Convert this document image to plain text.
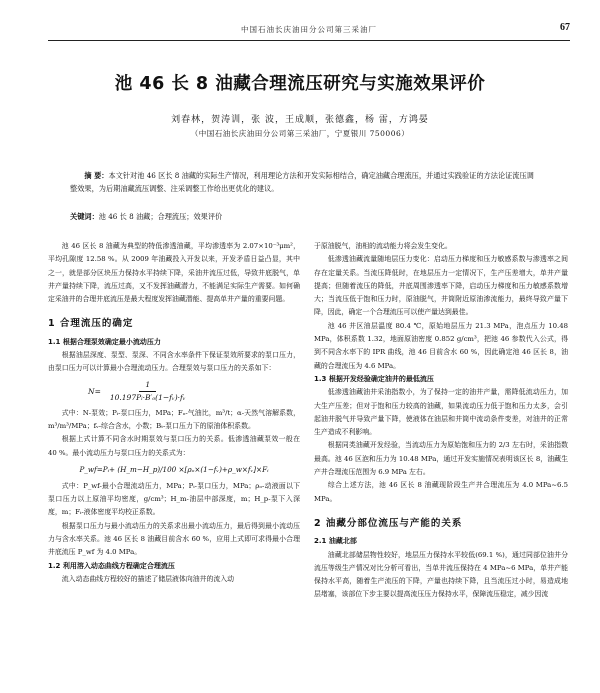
中国石油长庆油田分公司第三采油厂	67
池 46 长 8 油藏合理流压研究与实施效果评价
刘春林，贺涛训，张 波，王成顺，张德鑫，杨 雷，方鸿晏
（中国石油长庆油田分公司第三采油厂，宁夏银川 750006）
摘 要：本文针对池 46 区长 8 油藏的实际生产情况，利用理论方法和开发实际相结合，确定油藏合理流压，并通过实践验证的方法论证流压调整效果，为后期油藏流压调整、注采调整工作给出更优化的建议。
关键词：池 46 长 8 油藏；合理流压；效果评价

池 46 区长 8 油藏为典型的特低渗透油藏，平均渗透率为 2.07×10⁻³μm²，平均孔隙度 12.58 %。从 2009 年油藏投入开发以来，开发矛盾日益凸显，其中之一，就是部分区块压力保持水平持续下降，采油井流压过低，导致井底脱气，单井产量持续下降，流压过高，又不发挥油藏潜力，不能满足实际生产需要。如何确定采油井的合理井底流压是最大程度发挥油藏潜能、提高单井产量的重要问题。

1 合理流压的确定
1.1 根据合理泵效确定最小流动压力

根据油层深度、泵型、泵深、不同含水率条件下保证泵效所要求的泵口压力，由泵口压力可以计算最小合理流动压力。合理泵效与泵口压力的关系如下：

$N= \frac{1}{\text{10.197Pᵢ·B′ₒ(1−fᵥ)·fᵥ}}$

式中：N-泵效；Pᵢ-泵口压力，MPa；Fₒ-气油比，m³/t；α-天然气溶解系数，m³/m³/MPa；fᵥ-综合含水，小数；Bₜ-泵口压力下的原油体积系数。

根据上式计算不同含水时期泵效与泵口压力的关系。低渗透油藏泵效一般在 40 %。最小流动压力与泵口压力的关系式为：

P_wf=Pᵢ+ (H_m−H_p)/100 ×[ρₒ×(1−fᵥ)+ρ_w×fᵥ]×Fᵢ

式中：P_wf-最小合理流动压力，MPa；Pᵢ-泵口压力，MPa；ρₒ-动液面以下泵口压力以上原油平均密度，g/cm³；H_m-油层中部深度，m；H_p-泵下入深度，m；Fᵢ-液体密度平均校正系数。

根据泵口压力与最小流动压力的关系求出最小流动压力，最后得到最小流动压力与含水率关系。池 46 区长 8 油藏目前含水 60 %，应用上式即可求得最小合理井底流压 P_wf 为 4.0 MPa。

1.2 利用溶入动态曲线方程确定合理流压

流入动态曲线方程较好的描述了储层液体向油井的流入动

于原油脱气，油相的流动能力将会发生变化。

低渗透油藏流量随地层压力变化：启动压力梯度和压力敏感系数与渗透率之间存在定量关系。当流压降低时，在地层压力一定情况下，生产压差增大，单井产量提高；但随着流压的降低，井底周围渗透率下降，启动压力梯度和压力敏感系数增大；当流压低于饱和压力时，原油脱气，井筒附近原油渗流能力，最终导致产量下降，因此，确定一个合理流压可以使产量达到最佳。

池 46 井区油层温度 80.4 ℃，原始地层压力 21.3 MPa，泡点压力 10.48 MPa，体积系数 1.32，地面原油密度 0.852 g/cm³，把池 46 参数代入公式，得到不同含水率下的 IPR 曲线，池 46 目前含水 60 %，因此确定池 46 区长 8，油藏的合理流压为 4.6 MPa。

1.3 根据开发经验确定油井的最低流压

低渗透油藏油井采油指数小，为了保持一定的油井产量，需降低流动压力，加大生产压差；但对于饱和压力较高的油藏，如果流动压力低于饱和压力太多，会引起油井脱气并导致产量下降，使液体在油层和井筒中流动条件变差，对油井的正常生产造成不利影响。

根据同类油藏开发经验，当流动压力为原始饱和压力的 2/3 左右时，采油指数最高。池 46 区泡和压力为 10.48 MPa，通过开发实施情况表明该区长 8，油藏生产井合理流压范围为 6.9 MPa 左右。

综合上述方法，池 46 区长 8 油藏现阶段生产井合理流压为 4.0 MPa~6.5 MPa。

2 油藏分部位流压与产能的关系
2.1 油藏北部

油藏北部储层物性较好，地层压力保持水平较低(69.1 %)，通过同部位油井分流压等级生产情况对比分析可看出，当单井流压保持在 4 MPa~6 MPa，单井产能保持水平高，随着生产流压的下降，产量也持续下降，且当流压过小时，易造成地层堵塞，该部位下步主要以提高流压压力保持水平，保障流压稳定，减少因流
